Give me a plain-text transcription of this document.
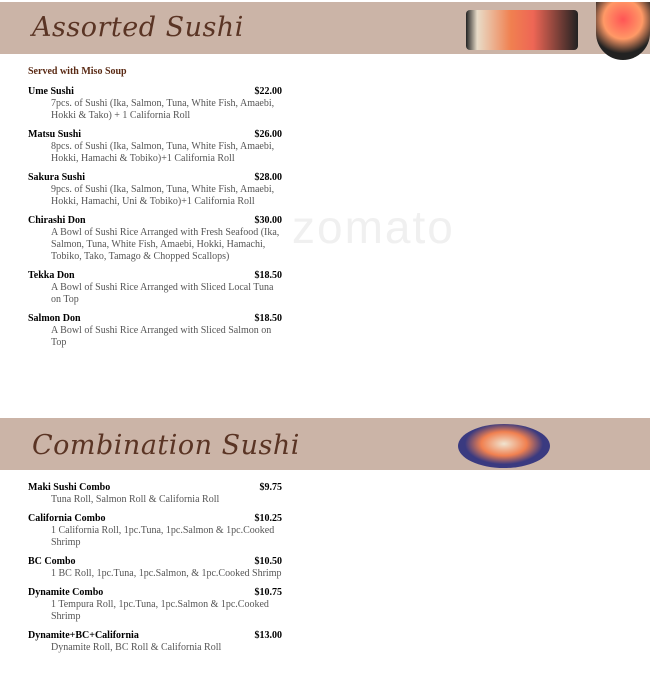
zomato
Assorted Sushi
Served with Miso Soup
Ume Sushi	$22.00
7pcs. of Sushi (Ika, Salmon, Tuna, White Fish, Amaebi, Hokki & Tako) + 1 California Roll
Matsu Sushi	$26.00
8pcs. of Sushi (Ika, Salmon, Tuna, White Fish, Amaebi, Hokki, Hamachi & Tobiko)+1 California Roll
Sakura Sushi	$28.00
9pcs. of Sushi (Ika, Salmon, Tuna, White Fish, Amaebi, Hokki, Hamachi, Uni & Tobiko)+1 California Roll
Chirashi Don	$30.00
A Bowl of Sushi Rice Arranged with Fresh Seafood (Ika, Salmon, Tuna, White Fish, Amaebi, Hokki, Hamachi, Tobiko, Tako, Tamago & Chopped Scallops)
Tekka Don	$18.50
A Bowl of Sushi Rice Arranged with Sliced Local Tuna on Top
Salmon Don	$18.50
A Bowl of Sushi Rice Arranged with Sliced Salmon on Top
Combination Sushi
Maki Sushi Combo	$9.75
Tuna Roll, Salmon Roll & California Roll
California Combo	$10.25
1 California Roll, 1pc.Tuna, 1pc.Salmon & 1pc.Cooked Shrimp
BC Combo	$10.50
1 BC Roll, 1pc.Tuna, 1pc.Salmon, & 1pc.Cooked Shrimp
Dynamite Combo	$10.75
1 Tempura Roll, 1pc.Tuna, 1pc.Salmon & 1pc.Cooked Shrimp
Dynamite+BC+California	$13.00
Dynamite Roll, BC Roll & California Roll
